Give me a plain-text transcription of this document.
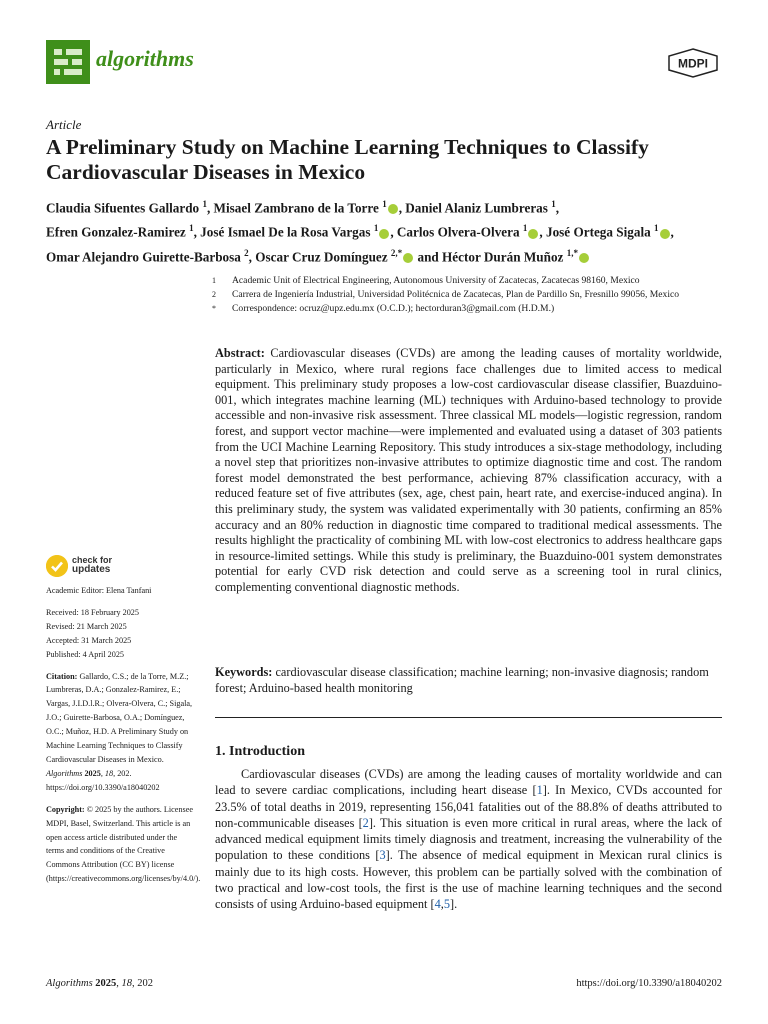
algorithms	MDPI
Article
A Preliminary Study on Machine Learning Techniques to Classify Cardiovascular Diseases in Mexico
Claudia Sifuentes Gallardo $^1$, Misael Zambrano de la Torre $^1$ , Daniel Alaniz Lumbreras $^1$,
Efren Gonzalez-Ramirez $^1$, José Ismael De la Rosa Vargas $^1$ , Carlos Olvera-Olvera $^1$ , José Ortega Sigala $^1$ ,
Omar Alejandro Guirette-Barbosa $^2$, Oscar Cruz Domínguez $^{2,*}$ and Héctor Durán Muñoz $^{1,*}$
1	Academic Unit of Electrical Engineering, Autonomous University of Zacatecas, Zacatecas 98160, Mexico
2	Carrera de Ingeniería Industrial, Universidad Politécnica de Zacatecas, Plan de Pardillo Sn, Fresnillo 99056, Mexico
*	Correspondence: ocruz@upz.edu.mx (O.C.D.); hectorduran3@gmail.com (H.D.M.)
Abstract: Cardiovascular diseases (CVDs) are among the leading causes of mortality worldwide, particularly in Mexico, where rural regions face challenges due to limited access to medical equipment. This preliminary study proposes a low-cost cardiovascular disease classifier, Buazduino-001, which integrates machine learning (ML) techniques with Arduino-based technology to provide accessible and non-invasive risk assessment. Three classical ML models—logistic regression, random forest, and support vector machine—were implemented and evaluated using a dataset of 303 patients from the UCI Machine Learning Repository. This study introduces a six-stage methodology, including a novel step that prioritizes non-invasive attributes to optimize diagnostic time and cost. The random forest model demonstrated the best performance, achieving 87% classification accuracy, with a reduced feature set of five attributes (sex, age, chest pain, heart rate, and exercise-induced angina). In this preliminary study, the system was validated experimentally with 30 patients, confirming an 85% accuracy and an 80% reduction in diagnostic time compared to traditional medical assessments. The results highlight the practicality of combining ML with low-cost electronics to address healthcare gaps in resource-limited settings. While this study is preliminary, the Buazduino-001 system demonstrates potential for early CVD risk detection and could serve as a screening tool in rural clinics, complementing conventional diagnostic methods.
Keywords: cardiovascular disease classification; machine learning; non-invasive diagnosis; random forest; Arduino-based health monitoring
1. Introduction
Cardiovascular diseases (CVDs) are among the leading causes of mortality worldwide and can lead to severe cardiac complications, including heart disease [1]. In Mexico, CVDs accounted for 23.5% of total deaths in 2019, representing 156,041 fatalities out of the 88.8% of deaths attributed to non-communicable diseases [2]. This situation is even more critical in rural areas, where the lack of advanced medical equipment limits timely diagnosis and treatment, increasing the vulnerability of the population to these conditions [3]. The absence of medical equipment in Mexican rural clinics is mainly due to its high costs. However, this problem can be partially solved with the combination of two practical and low-cost tools, the first is the use of machine learning techniques and the second consists of using Arduino-based equipment [4,5].
check for
updates

Academic Editor: Elena Tanfani

Received: 18 February 2025

Revised: 21 March 2025

Accepted: 31 March 2025

Published: 4 April 2025

Citation: Gallardo, C.S.; de la Torre, M.Z.; Lumbreras, D.A.; Gonzalez-Ramirez, E.; Vargas, J.I.D.l.R.; Olvera-Olvera, C.; Sigala, J.O.; Guirette-Barbosa, O.A.; Domínguez, O.C.; Muñoz, H.D. A Preliminary Study on Machine Learning Techniques to Classify Cardiovascular Diseases in Mexico. Algorithms 2025, 18, 202. https://doi.org/10.3390/a18040202

Copyright: © 2025 by the authors. Licensee MDPI, Basel, Switzerland. This article is an open access article distributed under the terms and conditions of the Creative Commons Attribution (CC BY) license (https://creativecommons.org/licenses/by/4.0/).

Algorithms 2025, 18, 202	https://doi.org/10.3390/a18040202
